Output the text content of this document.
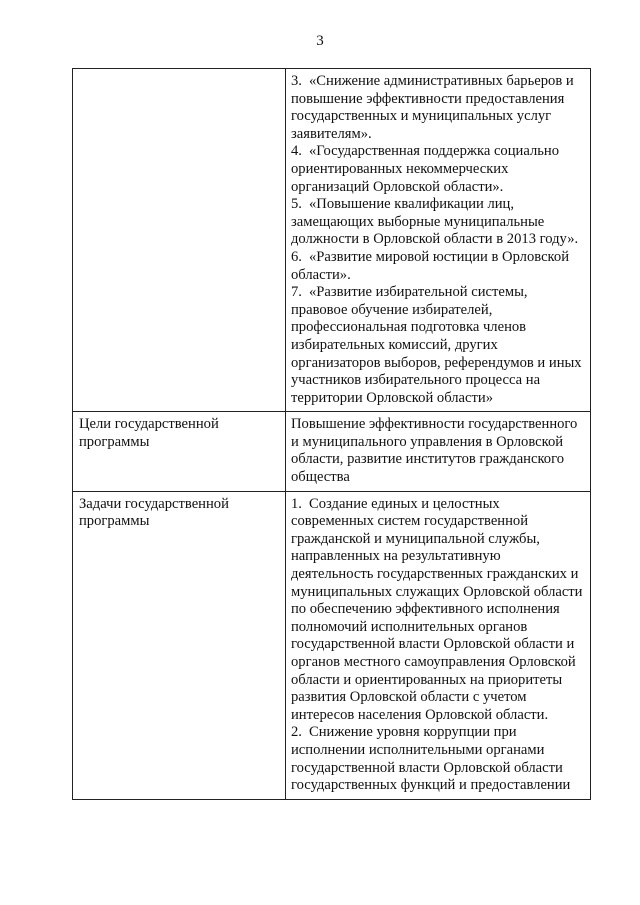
3

	3. «Снижение административных барьеров и повышение эффективности предоставления государственных и муниципальных услуг заявителям».
4. «Государственная поддержка социально ориентированных некоммерческих организаций Орловской области».
5. «Повышение квалификации лиц, замещающих выборные муниципальные должности в Орловской области в 2013 году».
6. «Развитие мировой юстиции в Орловской области».
7. «Развитие избирательной системы, правовое обучение избирателей, профессиональная подготовка членов избирательных комиссий, других организаторов выборов, референдумов и иных участников избирательного процесса на территории Орловской области»

Цели государственной программы	Повышение эффективности государственного и муниципального управления в Орловской области, развитие институтов гражданского общества

Задачи государственной программы	1. Создание единых и целостных современных систем государственной гражданской и муниципальной службы, направленных на результативную деятельность государственных гражданских и муниципальных служащих Орловской области по обеспечению эффективного исполнения полномочий исполнительных органов государственной власти Орловской области и органов местного самоуправления Орловской области и ориентированных на приоритеты развития Орловской области с учетом интересов населения Орловской области.
2. Снижение уровня коррупции при исполнении исполнительными органами государственной власти Орловской области государственных функций и предоставлении
